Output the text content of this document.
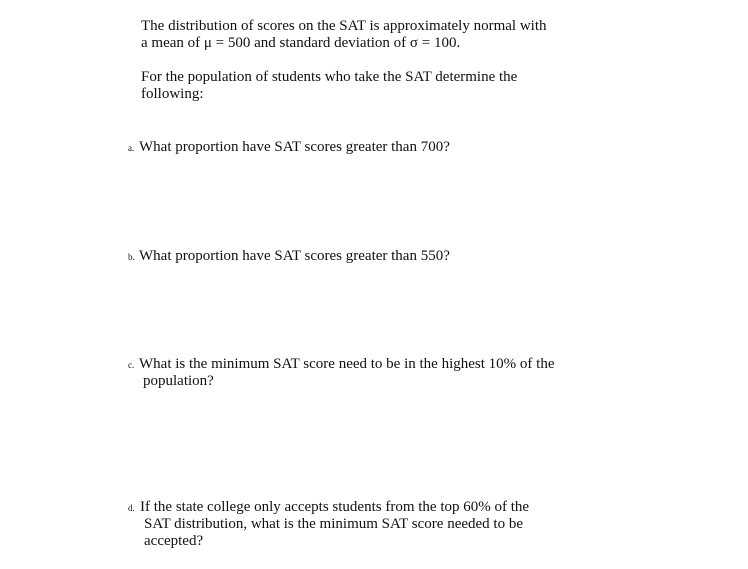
The distribution of scores on the SAT is approximately normal with
a mean of μ = 500 and standard deviation of σ = 100.
For the population of students who take the SAT determine the
following:
a. What proportion have SAT scores greater than 700?
b. What proportion have SAT scores greater than 550?
c. What is the minimum SAT score need to be in the highest 10% of the
population?
d. If the state college only accepts students from the top 60% of the
SAT distribution, what is the minimum SAT score needed to be
accepted?
